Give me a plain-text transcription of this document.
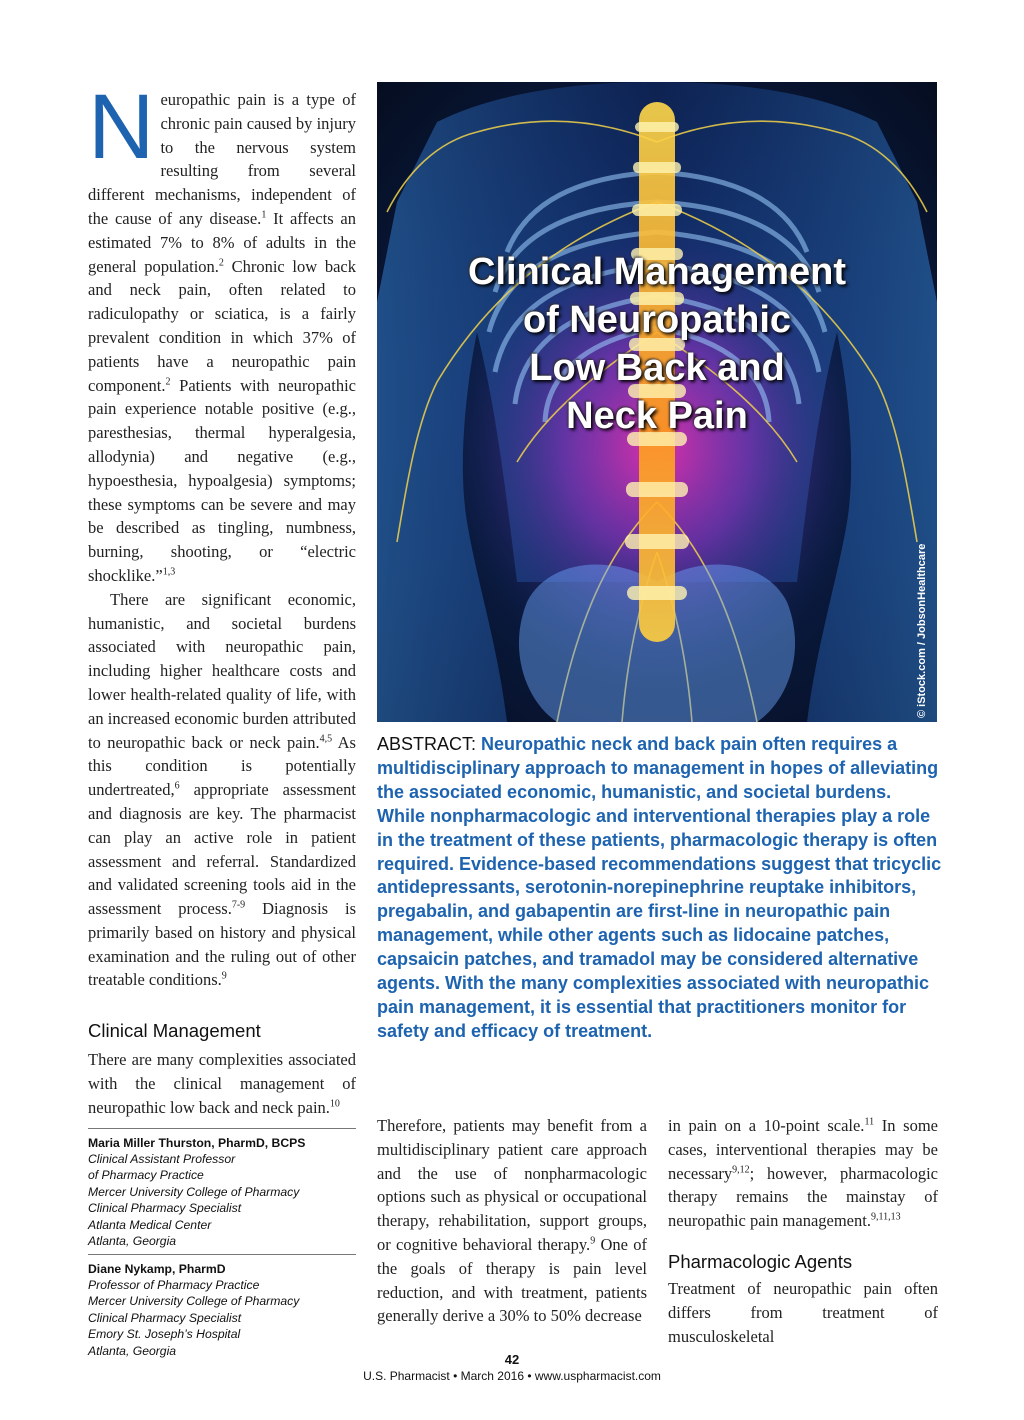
Neuropathic pain is a type of chronic pain caused by injury to the nervous system resulting from several different mechanisms, independent of the cause of any disease.$^1$ It affects an estimated 7% to 8% of adults in the general population.$^2$ Chronic low back and neck pain, often related to radiculopathy or sciatica, is a fairly prevalent condition in which 37% of patients have a neuropathic pain component.$^2$ Patients with neuropathic pain experience notable positive (e.g., paresthesias, thermal hyperalgesia, allodynia) and negative (e.g., hypoesthesia, hypoalgesia) symptoms; these symptoms can be severe and may be described as tingling, numbness, burning, shooting, or “electric shocklike.”$^{1,3}$

There are significant economic, humanistic, and societal burdens associated with neuropathic pain, including higher healthcare costs and lower health-related quality of life, with an increased economic burden attributed to neuropathic back or neck pain.$^{4,5}$ As this condition is potentially undertreated,$^6$ appropriate assessment and diagnosis are key. The pharmacist can play an active role in patient assessment and referral. Standardized and validated screening tools aid in the assessment process.$^{7-9}$ Diagnosis is primarily based on history and physical examination and the ruling out of other treatable conditions.$^9$

Clinical Management

There are many complexities associated with the clinical management of neuropathic low back and neck pain.$^{10}$

Maria Miller Thurston, PharmD, BCPS
Clinical Assistant Professor
of Pharmacy Practice
Mercer University College of Pharmacy
Clinical Pharmacy Specialist
Atlanta Medical Center
Atlanta, Georgia
Diane Nykamp, PharmD
Professor of Pharmacy Practice
Mercer University College of Pharmacy
Clinical Pharmacy Specialist
Emory St. Joseph’s Hospital
Atlanta, Georgia
Clinical Management
of Neuropathic
Low Back and
Neck Pain
© iStock.com / JobsonHealthcare

ABSTRACT: Neuropathic neck and back pain often requires a multidisciplinary approach to management in hopes of alleviating the associated economic, humanistic, and societal burdens. While nonpharmacologic and interventional therapies play a role in the treatment of these patients, pharmacologic therapy is often required. Evidence-based recommendations suggest that tricyclic antidepressants, serotonin-norepinephrine reuptake inhibitors, pregabalin, and gabapentin are first-line in neuropathic pain management, while other agents such as lidocaine patches, capsaicin patches, and tramadol may be considered alternative agents. With the many complexities associated with neuropathic pain management, it is essential that practitioners monitor for safety and efficacy of treatment.

Therefore, patients may benefit from a multidisciplinary patient care approach and the use of nonpharmacologic options such as physical or occupational therapy, rehabilitation, support groups, or cognitive behavioral therapy.$^9$ One of the goals of therapy is pain level reduction, and with treatment, patients generally derive a 30% to 50% decrease

in pain on a 10-point scale.$^{11}$ In some cases, interventional therapies may be necessary$^{9,12}$; however, pharmacologic therapy remains the mainstay of neuropathic pain management.$^{9,11,13}$

Pharmacologic Agents

Treatment of neuropathic pain often differs from treatment of musculoskeletal

42
U.S. Pharmacist • March 2016 • www.uspharmacist.com
